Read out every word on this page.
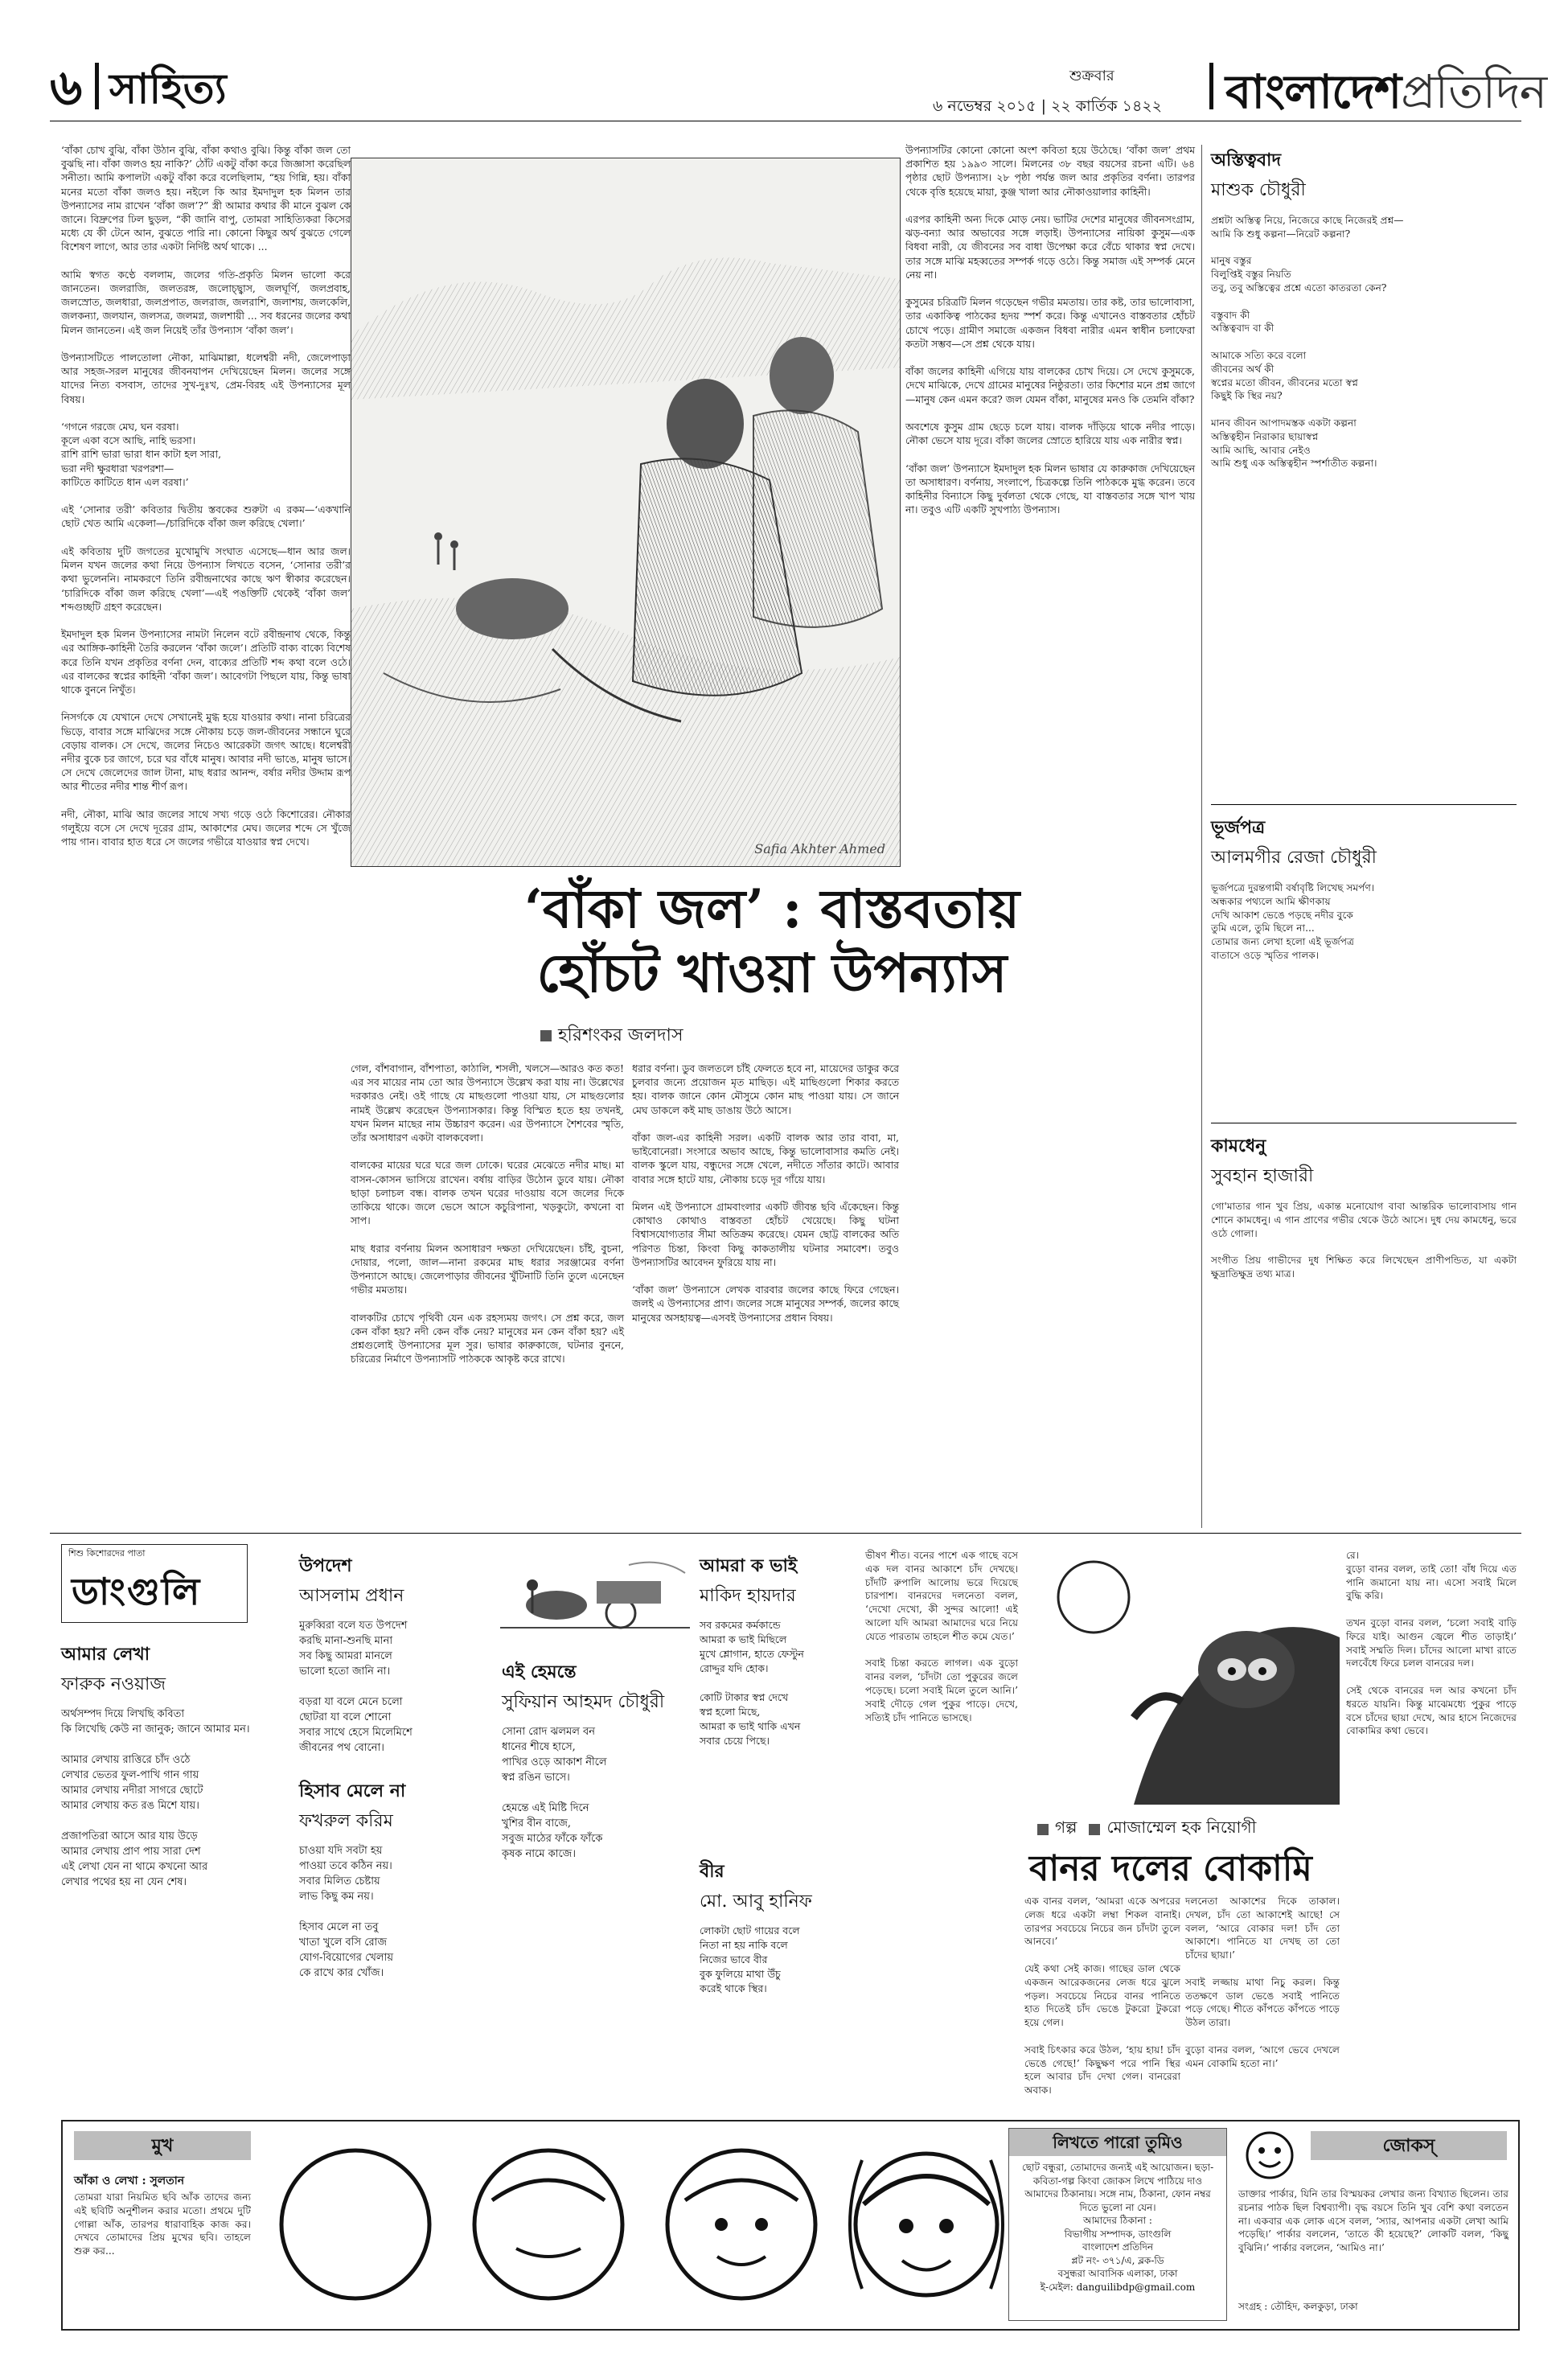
৬ সাহিত্য	শুক্রবার
৬ নভেম্বর ২০১৫ | ২২ কার্তিক ১৪২২ বাংলাদেশপ্রতিদিন
‘বাঁকা চোখ বুঝি, বাঁকা উঠান বুঝি, বাঁকা কথাও বুঝি। কিন্তু বাঁকা জল তো বুঝছি না। বাঁকা জলও হয় নাকি?’ ঠোঁট একটু বাঁকা করে জিজ্ঞাসা করেছিল সনীতা। আমি কপালটা একটু বাঁকা করে বলেছিলাম, “হয় গিন্নি, হয়। বাঁকা মনের মতো বাঁকা জলও হয়। নইলে কি আর ইমদাদুল হক মিলন তার উপন্যাসের নাম রাখেন ‘বাঁকা জল’?” স্ত্রী আমার কথার কী মানে বুঝল কে জানে। বিদ্রুপের ঢিল ছুড়ল, “কী জানি বাপু, তোমরা সাহিত্যিকরা কিসের মধ্যে যে কী টেনে আন, বুঝতে পারি না। কোনো কিছুর অর্থ বুঝতে গেলে বিশেষণ লাগে, আর তার একটা নির্দিষ্ট অর্থ থাকে। ...

আমি স্বগত কণ্ঠে বললাম, জলের গতি-প্রকৃতি মিলন ভালো করে জানতেন। জলরাজি, জলতরঙ্গ, জলোচ্ছ্বাস, জলঘূর্ণি, জলপ্রবাহ, জলস্রোত, জলধারা, জলপ্রপাত, জলরাজ, জলরাশি, জলাশয়, জলকেলি, জলকন্যা, জলযান, জলসত্র, জলমগ্ন, জলশায়ী ... সব ধরনের জলের কথা মিলন জানতেন। এই জল নিয়েই তাঁর উপন্যাস ‘বাঁকা জল’।

উপন্যাসটিতে পালতোলা নৌকা, মাঝিমাল্লা, ধলেশ্বরী নদী, জেলেপাড়া আর সহজ-সরল মানুষের জীবনযাপন দেখিয়েছেন মিলন। জলের সঙ্গে যাদের নিত্য বসবাস, তাদের সুখ-দুঃখ, প্রেম-বিরহ এই উপন্যাসের মূল বিষয়।

‘গগনে গরজে মেঘ, ঘন বরষা।
কূলে একা বসে আছি, নাহি ভরসা।
রাশি রাশি ভারা ভারা ধান কাটা হল সারা,
ভরা নদী ক্ষুরধারা খরপরশা—
কাটিতে কাটিতে ধান এল বরষা।’

এই ‘সোনার তরী’ কবিতার দ্বিতীয় স্তবকের শুরুটা এ রকম—‘একখানি ছোট খেত আমি একেলা—/চারিদিকে বাঁকা জল করিছে খেলা।’

এই কবিতায় দুটি জগতের মুখোমুখি সংঘাত এসেছে—ধান আর জল। মিলন যখন জলের কথা নিয়ে উপন্যাস লিখতে বসেন, ‘সোনার তরী’র কথা ভুলেননি। নামকরণে তিনি রবীন্দ্রনাথের কাছে ঋণ স্বীকার করেছেন। ‘চারিদিকে বাঁকা জল করিছে খেলা’—এই পঙক্তিটি থেকেই ‘বাঁকা জল’ শব্দগুচ্ছটি গ্রহণ করেছেন।

ইমদাদুল হক মিলন উপন্যাসের নামটা নিলেন বটে রবীন্দ্রনাথ থেকে, কিন্তু এর আঙ্গিক-কাহিনী তৈরি করলেন ‘বাঁকা জলে’। প্রতিটি বাক্য বাক্যে বিশেষ করে তিনি যখন প্রকৃতির বর্ণনা দেন, বাক্যের প্রতিটি শব্দ কথা বলে ওঠে। এর বালকের স্বপ্নের কাহিনী ‘বাঁকা জল’। আবেগটা পিছলে যায়, কিন্তু ভাষা থাকে বুননে নিখুঁত।

নিসর্গকে যে যেখানে দেখে সেখানেই মুগ্ধ হয়ে যাওয়ার কথা। নানা চরিত্রের ভিড়ে, বাবার সঙ্গে মাঝিদের সঙ্গে নৌকায় চড়ে জল-জীবনের সন্ধানে ঘুরে বেড়ায় বালক। সে দেখে, জলের নিচেও আরেকটা জগৎ আছে। ধলেশ্বরী নদীর বুকে চর জাগে, চরে ঘর বাঁধে মানুষ। আবার নদী ভাঙে, মানুষ ভাসে। সে দেখে জেলেদের জাল টানা, মাছ ধরার আনন্দ, বর্ষার নদীর উদ্দাম রূপ আর শীতের নদীর শান্ত শীর্ণ রূপ।

নদী, নৌকা, মাঝি আর জলের সাথে সখ্য গড়ে ওঠে কিশোরের। নৌকার গলুইয়ে বসে সে দেখে দূরের গ্রাম, আকাশের মেঘ। জলের শব্দে সে খুঁজে পায় গান। বাবার হাত ধরে সে জলের গভীরে যাওয়ার স্বপ্ন দেখে।	Safia Akhter Ahmed
উপন্যাসটির কোনো কোনো অংশ কবিতা হয়ে উঠেছে। ‘বাঁকা জল’ প্রথম প্রকাশিত হয় ১৯৯৩ সালে। মিলনের ৩৮ বছর বয়সের রচনা এটি। ৬৪ পৃষ্ঠার ছোট উপন্যাস। ২৮ পৃষ্ঠা পর্যন্ত জল আর প্রকৃতির বর্ণনা। তারপর থেকে বৃত্তি হয়েছে মায়া, কুঞ্জ খালা আর নৌকাওয়ালার কাহিনী।

এরপর কাহিনী অন্য দিকে মোড় নেয়। ভাটির দেশের মানুষের জীবনসংগ্রাম, ঝড়-বন্যা আর অভাবের সঙ্গে লড়াই। উপন্যাসের নায়িকা কুসুম—এক বিধবা নারী, যে জীবনের সব বাধা উপেক্ষা করে বেঁচে থাকার স্বপ্ন দেখে। তার সঙ্গে মাঝি মহব্বতের সম্পর্ক গড়ে ওঠে। কিন্তু সমাজ এই সম্পর্ক মেনে নেয় না।

কুসুমের চরিত্রটি মিলন গড়েছেন গভীর মমতায়। তার কষ্ট, তার ভালোবাসা, তার একাকিত্ব পাঠকের হৃদয় স্পর্শ করে। কিন্তু এখানেও বাস্তবতার হোঁচট চোখে পড়ে। গ্রামীণ সমাজে একজন বিধবা নারীর এমন স্বাধীন চলাফেরা কতটা সম্ভব—সে প্রশ্ন থেকে যায়।

বাঁকা জলের কাহিনী এগিয়ে যায় বালকের চোখ দিয়ে। সে দেখে কুসুমকে, দেখে মাঝিকে, দেখে গ্রামের মানুষের নিষ্ঠুরতা। তার কিশোর মনে প্রশ্ন জাগে—মানুষ কেন এমন করে? জল যেমন বাঁকা, মানুষের মনও কি তেমনি বাঁকা?

অবশেষে কুসুম গ্রাম ছেড়ে চলে যায়। বালক দাঁড়িয়ে থাকে নদীর পাড়ে। নৌকা ভেসে যায় দূরে। বাঁকা জলের স্রোতে হারিয়ে যায় এক নারীর স্বপ্ন।

‘বাঁকা জল’ উপন্যাসে ইমদাদুল হক মিলন ভাষার যে কারুকাজ দেখিয়েছেন তা অসাধারণ। বর্ণনায়, সংলাপে, চিত্রকল্পে তিনি পাঠককে মুগ্ধ করেন। তবে কাহিনীর বিন্যাসে কিছু দুর্বলতা থেকে গেছে, যা বাস্তবতার সঙ্গে খাপ খায় না। তবুও এটি একটি সুখপাঠ্য উপন্যাস।
‘বাঁকা জল’ : বাস্তবতায়
হোঁচট খাওয়া উপন্যাস
হরিশংকর জলদাস
গেল, বাঁশবাগান, বাঁশপাতা, কাঠালি, শসলী, খলসে—আরও কত কত! এর সব মায়ের নাম তো আর উপন্যাসে উল্লেখ করা যায় না। উল্লেখের দরকারও নেই। ওই গাছে যে মাছগুলো পাওয়া যায়, সে মাছগুলোর নামই উল্লেখ করেছেন উপন্যাসকার। কিন্তু বিস্মিত হতে হয় তখনই, যখন মিলন মাছের নাম উচ্চারণ করেন। এর উপন্যাসে শৈশবের স্মৃতি, তাঁর অসাধারণ একটা বালকবেলা।

বালকের মায়ের ঘরে ঘরে জল ঢোকে। ঘরের মেঝেতে নদীর মাছ। মা বাসন-কোসন ভাসিয়ে রাখেন। বর্ষায় বাড়ির উঠোন ডুবে যায়। নৌকা ছাড়া চলাচল বন্ধ। বালক তখন ঘরের দাওয়ায় বসে জলের দিকে তাকিয়ে থাকে। জলে ভেসে আসে কচুরিপানা, খড়কুটো, কখনো বা সাপ।

মাছ ধরার বর্ণনায় মিলন অসাধারণ দক্ষতা দেখিয়েছেন। চাঁই, বুচনা, দোয়ার, পলো, জাল—নানা রকমের মাছ ধরার সরঞ্জামের বর্ণনা উপন্যাসে আছে। জেলেপাড়ার জীবনের খুঁটিনাটি তিনি তুলে এনেছেন গভীর মমতায়।

বালকটির চোখে পৃথিবী যেন এক রহস্যময় জগৎ। সে প্রশ্ন করে, জল কেন বাঁকা হয়? নদী কেন বাঁক নেয়? মানুষের মন কেন বাঁকা হয়? এই প্রশ্নগুলোই উপন্যাসের মূল সুর। ভাষার কারুকাজে, ঘটনার বুননে, চরিত্রের নির্মাণে উপন্যাসটি পাঠককে আকৃষ্ট করে রাখে।
ধরার বর্ণনা। ডুব জলতলে চাঁই ফেলতে হবে না, মায়েদের ডাকুর করে চুলবার জন্যে প্রয়োজন মৃত মাছিড়। এই মাছিগুলো শিকার করতে হয়। বালক জানে কোন মৌসুমে কোন মাছ পাওয়া যায়। সে জানে মেঘ ডাকলে কই মাছ ডাঙায় উঠে আসে।

বাঁকা জল-এর কাহিনী সরল। একটি বালক আর তার বাবা, মা, ভাইবোনেরা। সংসারে অভাব আছে, কিন্তু ভালোবাসার কমতি নেই। বালক স্কুলে যায়, বন্ধুদের সঙ্গে খেলে, নদীতে সাঁতার কাটে। আবার বাবার সঙ্গে হাটে যায়, নৌকায় চড়ে দূর গাঁয়ে যায়।

মিলন এই উপন্যাসে গ্রামবাংলার একটি জীবন্ত ছবি এঁকেছেন। কিন্তু কোথাও কোথাও বাস্তবতা হোঁচট খেয়েছে। কিছু ঘটনা বিশ্বাসযোগ্যতার সীমা অতিক্রম করেছে। যেমন ছোট্ট বালকের অতি পরিণত চিন্তা, কিংবা কিছু কাকতালীয় ঘটনার সমাবেশ। তবুও উপন্যাসটির আবেদন ফুরিয়ে যায় না।

‘বাঁকা জল’ উপন্যাসে লেখক বারবার জলের কাছে ফিরে গেছেন। জলই এ উপন্যাসের প্রাণ। জলের সঙ্গে মানুষের সম্পর্ক, জলের কাছে মানুষের অসহায়ত্ব—এসবই উপন্যাসের প্রধান বিষয়।
অস্তিত্ববাদ
মাশুক চৌধুরী
প্রশ্নটা অস্তিত্ব নিয়ে, নিজেরে কাছে নিজেরই প্রশ্ন—
আমি কি শুধু কল্পনা—নিরেট কল্পনা?

মানুষ বস্তুর
বিলুপ্তিই বস্তুর নিয়তি
তবু, তবু অস্তিত্বের প্রশ্নে এতো কাতরতা কেন?

বস্তুবাদ কী
অস্তিত্ববাদ বা কী

আমাকে সত্যি করে বলো
জীবনের অর্থ কী
স্বপ্নের মতো জীবন, জীবনের মতো স্বপ্ন
কিছুই কি স্থির নয়?

মানব জীবন আপাদমস্তক একটা কল্পনা
অস্তিত্বহীন নিরাকার ছায়াস্বপ্ন
আমি আছি, আবার নেইও
আমি শুধু এক অস্তিত্বহীন স্পর্শাতীত কল্পনা।
ভূর্জপত্র
আলমগীর রেজা চৌধুরী
ভূর্জপত্রে দুরন্তগামী বর্ষাবৃষ্টি লিখেছ সমর্পণ।
অন্ধকার পথ্যলে আমি ক্ষীণকায়
দেখি আকাশ ভেঙে পড়ছে নদীর বুকে
তুমি এলে, তুমি ছিলে না...
তোমার জন্য লেখা হলো এই ভূর্জপত্র
বাতাসে ওড়ে স্মৃতির পালক।
কামধেনু
সুবহান হাজারী
গো'মাতার গান খুব প্রিয়, একান্ত মনোযোগ বাবা আন্তরিক ভালোবাসায় গান শোনে কামধেনু। এ গান প্রাণের গভীর থেকে উঠে আসে। দুধ দেয় কামধেনু, ভরে ওঠে গোলা।

সংগীত প্রিয় গাভীদের দুধ শিক্ষিত করে লিখেছেন প্রাণীপন্ডিত, যা একটা ক্ষুদ্রাতিক্ষুদ্র তথ্য মাত্র।
শিশু কিশোরদের পাতা
ডাংগুলি
আমার লেখা
ফারুক নওয়াজ
অর্থসম্পদ দিয়ে লিখছি কবিতা
কি লিখেছি কেউ না জানুক; জানে আমার মন।

আমার লেখায় রাত্তিরে চাঁদ ওঠে
লেখার ভেতর ফুল-পাখি গান গায়
আমার লেখায় নদীরা সাগরে ছোটে
আমার লেখায় কত রঙ মিশে যায়।

প্রজাপতিরা আসে আর যায় উড়ে
আমার লেখায় প্রাণ পায় সারা দেশ
এই লেখা যেন না থামে কখনো আর
লেখার পথের হয় না যেন শেষ।
উপদেশ
আসলাম প্রধান
মুরুব্বিরা বলে যত উপদেশ
করছি মানা-শুনছি মানা
সব কিছু আমরা মানলে
ভালো হতো জানি না।

বড়রা যা বলে মেনে চলো
ছোটরা যা বলে শোনো
সবার সাথে হেসে মিলেমিশে
জীবনের পথ বোনো।
হিসাব মেলে না
ফখরুল করিম
চাওয়া যদি সবটা হয়
পাওয়া তবে কঠিন নয়।
সবার মিলিত চেষ্টায়
লাভ কিছু কম নয়।

হিসাব মেলে না তবু
খাতা খুলে বসি রোজ
যোগ-বিয়োগের খেলায়
কে রাখে কার খোঁজ।
এই হেমন্তে
সুফিয়ান আহমদ চৌধুরী
সোনা রোদ ঝলমল বন
ধানের শীষে হাসে,
পাখির ওড়ে আকাশ নীলে
স্বপ্ন রঙিন ভাসে।

হেমন্তে এই মিষ্টি দিনে
খুশির বীন বাজে,
সবুজ মাঠের ফাঁকে ফাঁকে
কৃষক নামে কাজে।
আমরা ক ভাই
মাকিদ হায়দার
সব রকমের কর্মকান্ডে
আমরা ক ভাই মিছিলে
মুখে শ্লোগান, হাতে ফেস্টুন
রোদ্দুর যদি হোক।

কোটি টাকার স্বপ্ন দেখে
স্বপ্ন হলো মিছে,
আমরা ক ভাই থাকি এখন
সবার চেয়ে পিছে।
বীর
মো. আবু হানিফ
লোকটা ছোট গায়ের বলে
নিতা না হয় নাকি বলে
নিজের ভাবে বীর
বুক ফুলিয়ে মাথা উঁচু
করেই থাকে স্থির।
ভীষণ শীত। বনের পাশে এক গাছে বসে এক দল বানর আকাশে চাঁদ দেখছে। চাঁদটি রুপালি আলোয় ভরে দিয়েছে চারপাশ। বানরদের দলনেতা বলল, ‘দেখো দেখো, কী সুন্দর আলো! এই আলো যদি আমরা আমাদের ঘরে নিয়ে যেতে পারতাম তাহলে শীত কমে যেত।’

সবাই চিন্তা করতে লাগল। এক বুড়ো বানর বলল, ‘চাঁদটা তো পুকুরের জলে পড়েছে। চলো সবাই মিলে তুলে আনি।’ সবাই দৌড়ে গেল পুকুর পাড়ে। দেখে, সত্যিই চাঁদ পানিতে ভাসছে।
গল্প মোজাম্মেল হক নিয়োগী
বানর দলের বোকামি
এক বানর বলল, ‘আমরা একে অপরের লেজ ধরে একটা লম্বা শিকল বানাই। তারপর সবচেয়ে নিচের জন চাঁদটা তুলে আনবে।’

যেই কথা সেই কাজ। গাছের ডাল থেকে একজন আরেকজনের লেজ ধরে ঝুলে পড়ল। সবচেয়ে নিচের বানর পানিতে হাত দিতেই চাঁদ ভেঙে টুকরো টুকরো হয়ে গেল।

সবাই চিৎকার করে উঠল, ‘হায় হায়! চাঁদ ভেঙে গেছে!’ কিছুক্ষণ পরে পানি স্থির হলে আবার চাঁদ দেখা গেল। বানরেরা অবাক।
দলনেতা আকাশের দিকে তাকাল। দেখল, চাঁদ তো আকাশেই আছে! সে বলল, ‘আরে বোকার দল! চাঁদ তো আকাশে। পানিতে যা দেখছ তা তো চাঁদের ছায়া।’

সবাই লজ্জায় মাথা নিচু করল। কিন্তু ততক্ষণে ডাল ভেঙে সবাই পানিতে পড়ে গেছে। শীতে কাঁপতে কাঁপতে পাড়ে উঠল তারা।

বুড়ো বানর বলল, ‘আগে ভেবে দেখলে এমন বোকামি হতো না।’
রে।
বুড়ো বানর বলল, তাই তো! বাঁধ দিয়ে এত পানি জমানো যায় না। এসো সবাই মিলে বুদ্ধি করি।

তখন বুড়ো বানর বলল, ‘চলো সবাই বাড়ি ফিরে যাই। আগুন জ্বেলে শীত তাড়াই।’ সবাই সম্মতি দিল। চাঁদের আলো মাখা রাতে দলবেঁধে ফিরে চলল বানরের দল।

সেই থেকে বানরের দল আর কখনো চাঁদ ধরতে যায়নি। কিন্তু মাঝেমধ্যে পুকুর পাড়ে বসে চাঁদের ছায়া দেখে, আর হাসে নিজেদের বোকামির কথা ভেবে।
মুখ
আঁকা ও লেখা : সুলতান
তোমরা যারা নিয়মিত ছবি আঁক তাদের জন্য এই ছবিটি অনুশীলন করার মতো। প্রথমে দুটি গোল্লা আঁক, তারপর ধারাবাহিক কাজ কর। দেখবে তোমাদের প্রিয় মুখের ছবি। তাহলে শুরু কর...
লিখতে পারো তুমিও
ছোট বন্ধুরা, তোমাদের জন্যই এই আয়োজন। ছড়া-কবিতা-গল্প কিংবা জোকস লিখে পাঠিয়ে দাও আমাদের ঠিকানায়। সঙ্গে নাম, ঠিকানা, ফোন নম্বর দিতে ভুলো না যেন।
আমাদের ঠিকানা :
বিভাগীয় সম্পাদক, ডাংগুলি
বাংলাদেশ প্রতিদিন
প্লট নং- ৩৭১/এ, ব্লক-ডি
বসুন্ধরা আবাসিক এলাকা, ঢাকা
ই-মেইল: danguilibdp@gmail.com
জোকস্
ডাক্তার পার্কার, যিনি তার বিস্ময়কর লেখার জন্য বিখ্যাত ছিলেন। তার রচনার পাঠক ছিল বিশ্বব্যাপী। বৃদ্ধ বয়সে তিনি খুব বেশি কথা বলতেন না। একবার এক লোক এসে বলল, ‘স্যার, আপনার একটা লেখা আমি পড়েছি।’ পার্কার বললেন, ‘তাতে কী হয়েছে?’ লোকটি বলল, ‘কিছু বুঝিনি।’ পার্কার বললেন, ‘আমিও না।’
সংগ্রহ : তৌহিদ, কলকুড়া, ঢাকা
